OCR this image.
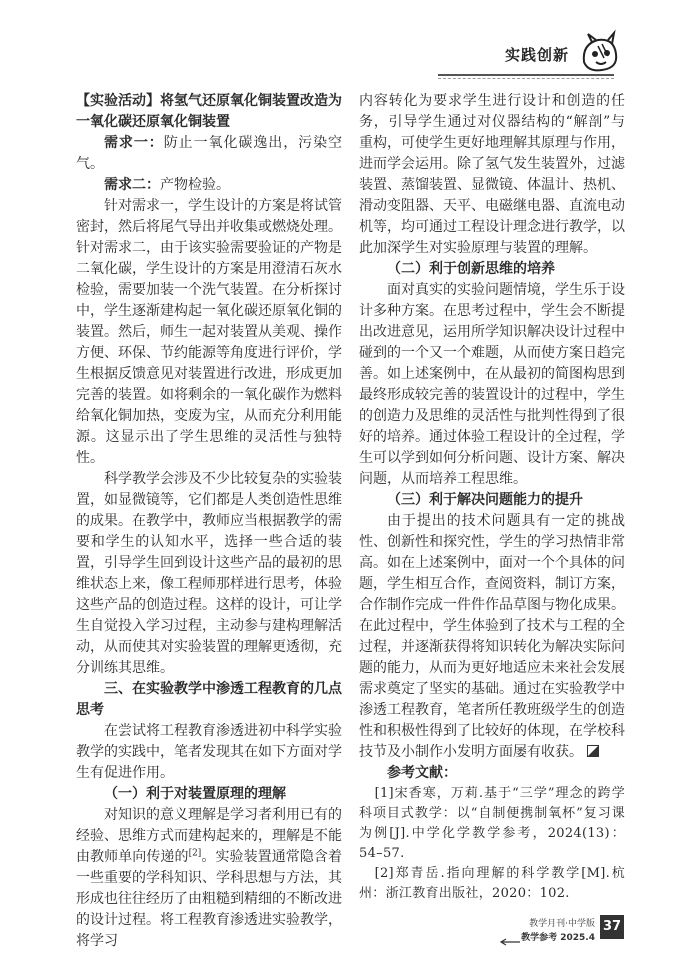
实践创新

【实验活动】将氢气还原氧化铜装置改造为一氧化碳还原氧化铜装置

需求一：防止一氧化碳逸出，污染空气。

需求二：产物检验。

针对需求一，学生设计的方案是将试管密封，然后将尾气导出并收集或燃烧处理。针对需求二，由于该实验需要验证的产物是二氧化碳，学生设计的方案是用澄清石灰水检验，需要加装一个洗气装置。在分析探讨中，学生逐渐建构起一氧化碳还原氧化铜的装置。然后，师生一起对装置从美观、操作方便、环保、节约能源等角度进行评价，学生根据反馈意见对装置进行改进，形成更加完善的装置。如将剩余的一氧化碳作为燃料给氧化铜加热，变废为宝，从而充分利用能源。这显示出了学生思维的灵活性与独特性。

科学教学会涉及不少比较复杂的实验装置，如显微镜等，它们都是人类创造性思维的成果。在教学中，教师应当根据教学的需要和学生的认知水平，选择一些合适的装置，引导学生回到设计这些产品的最初的思维状态上来，像工程师那样进行思考，体验这些产品的创造过程。这样的设计，可让学生自觉投入学习过程，主动参与建构理解活动，从而使其对实验装置的理解更透彻，充分训练其思维。

三、在实验教学中渗透工程教育的几点思考

在尝试将工程教育渗透进初中科学实验教学的实践中，笔者发现其在如下方面对学生有促进作用。

（一）利于对装置原理的理解

对知识的意义理解是学习者利用已有的经验、思维方式而建构起来的，理解是不能由教师单向传递的[2]。实验装置通常隐含着一些重要的学科知识、学科思想与方法，其形成也往往经历了由粗糙到精细的不断改进的设计过程。将工程教育渗透进实验教学，将学习

内容转化为要求学生进行设计和创造的任务，引导学生通过对仪器结构的“解剖”与重构，可使学生更好地理解其原理与作用，进而学会运用。除了氢气发生装置外，过滤装置、蒸馏装置、显微镜、体温计、热机、滑动变阻器、天平、电磁继电器、直流电动机等，均可通过工程设计理念进行教学，以此加深学生对实验原理与装置的理解。

（二）利于创新思维的培养

面对真实的实验问题情境，学生乐于设计多种方案。在思考过程中，学生会不断提出改进意见，运用所学知识解决设计过程中碰到的一个又一个难题，从而使方案日趋完善。如上述案例中，在从最初的简图构思到最终形成较完善的装置设计的过程中，学生的创造力及思维的灵活性与批判性得到了很好的培养。通过体验工程设计的全过程，学生可以学到如何分析问题、设计方案、解决问题，从而培养工程思维。

（三）利于解决问题能力的提升

由于提出的技术问题具有一定的挑战性、创新性和探究性，学生的学习热情非常高。如在上述案例中，面对一个个具体的问题，学生相互合作，查阅资料，制订方案，合作制作完成一件件作品草图与物化成果。在此过程中，学生体验到了技术与工程的全过程，并逐渐获得将知识转化为解决实际问题的能力，从而为更好地适应未来社会发展需求奠定了坚实的基础。通过在实验教学中渗透工程教育，笔者所任教班级学生的创造性和积极性得到了比较好的体现，在学校科技节及小制作小发明方面屡有收获。

参考文献：

[1]宋香寒，万莉.基于“三学”理念的跨学科项目式教学：以“自制便携制氧杯”复习课为例[J].中学化学教学参考，2024(13)：54–57.

[2]郑青岳.指向理解的科学教学[M].杭州：浙江教育出版社，2020：102.

教学月刊·中学版
教学参考 2025.4
37
